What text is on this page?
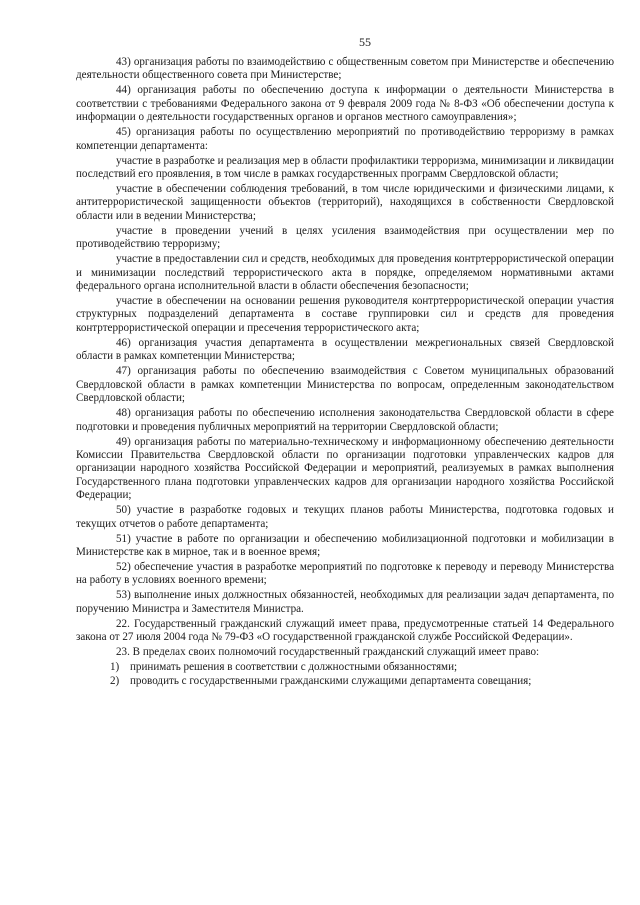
55

43) организация работы по взаимодействию с общественным советом при Министерстве и обеспечению деятельности общественного совета при Министерстве;

44) организация работы по обеспечению доступа к информации о деятельности Министерства в соответствии с требованиями Федерального закона от 9 февраля 2009 года № 8-ФЗ «Об обеспечении доступа к информации о деятельности государственных органов и органов местного самоуправления»;

45) организация работы по осуществлению мероприятий по противодействию терроризму в рамках компетенции департамента:

участие в разработке и реализация мер в области профилактики терроризма, минимизации и ликвидации последствий его проявления, в том числе в рамках государственных программ Свердловской области;

участие в обеспечении соблюдения требований, в том числе юридическими и физическими лицами, к антитеррористической защищенности объектов (территорий), находящихся в собственности Свердловской области или в ведении Министерства;

участие в проведении учений в целях усиления взаимодействия при осуществлении мер по противодействию терроризму;

участие в предоставлении сил и средств, необходимых для проведения контртеррористической операции и минимизации последствий террористического акта в порядке, определяемом нормативными актами федерального органа исполнительной власти в области обеспечения безопасности;

участие в обеспечении на основании решения руководителя контртеррористической операции участия структурных подразделений департамента в составе группировки сил и средств для проведения контртеррористической операции и пресечения террористического акта;

46) организация участия департамента в осуществлении межрегиональных связей Свердловской области в рамках компетенции Министерства;

47) организация работы по обеспечению взаимодействия с Советом муниципальных образований Свердловской области в рамках компетенции Министерства по вопросам, определенным законодательством Свердловской области;

48) организация работы по обеспечению исполнения законодательства Свердловской области в сфере подготовки и проведения публичных мероприятий на территории Свердловской области;

49) организация работы по материально-техническому и информационному обеспечению деятельности Комиссии Правительства Свердловской области по организации подготовки управленческих кадров для организации народного хозяйства Российской Федерации и мероприятий, реализуемых в рамках выполнения Государственного плана подготовки управленческих кадров для организации народного хозяйства Российской Федерации;

50) участие в разработке годовых и текущих планов работы Министерства, подготовка годовых и текущих отчетов о работе департамента;

51) участие в работе по организации и обеспечению мобилизационной подготовки и мобилизации в Министерстве как в мирное, так и в военное время;

52) обеспечение участия в разработке мероприятий по подготовке к переводу и переводу Министерства на работу в условиях военного времени;

53) выполнение иных должностных обязанностей, необходимых для реализации задач департамента, по поручению Министра и Заместителя Министра.

22. Государственный гражданский служащий имеет права, предусмотренные статьей 14 Федерального закона от 27 июля 2004 года № 79-ФЗ «О государственной гражданской службе Российской Федерации».

23. В пределах своих полномочий государственный гражданский служащий имеет право:

1) принимать решения в соответствии с должностными обязанностями;
2) проводить с государственными гражданскими служащими департамента совещания;
